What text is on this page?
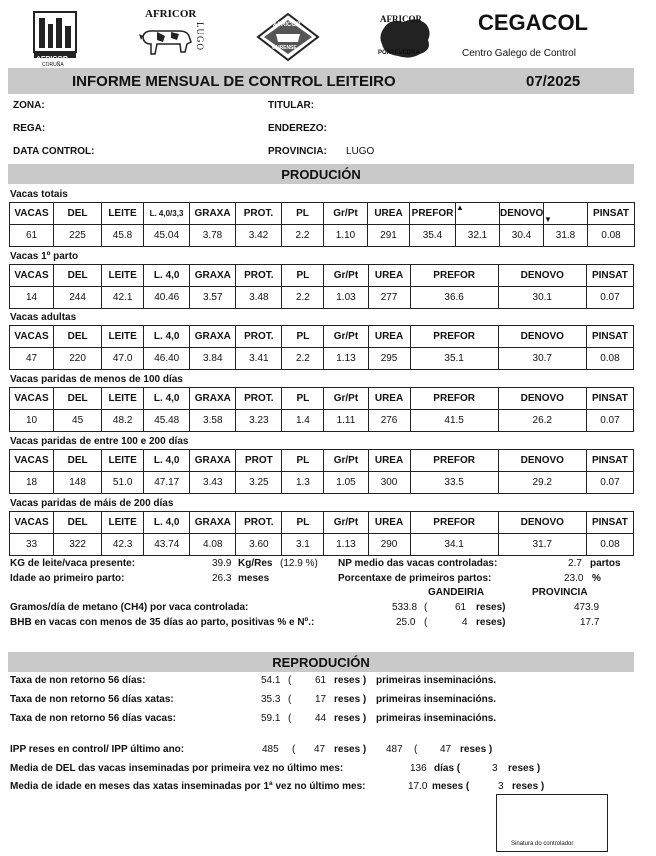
AFRICOR
CORUÑA
AFRICOR
LUGO	AFRICOR
OURENSE
AFRICOR
PONTEVEDRA
CEGACOL
Centro Galego de Control
INFORME MENSUAL DE CONTROL LEITEIRO	07/2025
ZONA:
REGA:
DATA CONTROL:
TITULAR:
ENDEREZO:
PROVINCIA: LUGO
PRODUCIÓN
Vacas totais
VACAS	DEL	LEITE	L. 4,0/3,3	GRAXA	PROT.	PL	Gr/Pt	UREA	PREFOR	▲	DENOVO	▼	PINSAT
61	225	45.8	45.04	3.78	3.42	2.2	1.10	291	35.4	32.1	30.4	31.8	0.08
Vacas 1º parto
VACAS	DEL	LEITE	L. 4,0	GRAXA	PROT.	PL	Gr/Pt	UREA	PREFOR	DENOVO	PINSAT
14	244	42.1	40.46	3.57	3.48	2.2	1.03	277	36.6	30.1	0.07
Vacas adultas
VACAS	DEL	LEITE	L. 4,0	GRAXA	PROT.	PL	Gr/Pt	UREA	PREFOR	DENOVO	PINSAT
47	220	47.0	46.40	3.84	3.41	2.2	1.13	295	35.1	30.7	0.08
Vacas paridas de menos de 100 días
VACAS	DEL	LEITE	L. 4,0	GRAXA	PROT.	PL	Gr/Pt	UREA	PREFOR	DENOVO	PINSAT
10	45	48.2	45.48	3.58	3.23	1.4	1.11	276	41.5	26.2	0.07
Vacas paridas de entre 100 e 200 días
VACAS	DEL	LEITE	L. 4,0	GRAXA	PROT	PL	Gr/Pt	UREA	PREFOR	DENOVO	PINSAT
18	148	51.0	47.17	3.43	3.25	1.3	1.05	300	33.5	29.2	0.07
Vacas paridas de máis de 200 días
VACAS	DEL	LEITE	L. 4,0	GRAXA	PROT.	PL	Gr/Pt	UREA	PREFOR	DENOVO	PINSAT
33	322	42.3	43.74	4.08	3.60	3.1	1.13	290	34.1	31.7	0.08
KG de leite/vaca presente:	39.9 Kg/Res (12.9 %)
Idade ao primeiro parto:	26.3 meses
NP medio das vacas controladas:	2.7 partos
Porcentaxe de primeiros partos:	23.0 %
GANDEIRIA	PROVINCIA
Gramos/día de metano (CH4) por vaca controlada:	533.8 (	61 reses)	473.9
BHB en vacas con menos de 35 días ao parto, positivas % e Nº.:	25.0 (	4 reses)	17.7
REPRODUCIÓN
Taxa de non retorno 56 días:	54.1 ( 61 reses ) primeiras inseminacións.
Taxa de non retorno 56 días xatas:	35.3 ( 17 reses ) primeiras inseminacións.
Taxa de non retorno 56 días vacas:	59.1 ( 44 reses ) primeiras inseminacións.
IPP reses en control/ IPP último ano:	485 ( 47 reses ) 487 ( 47 reses )
Media de DEL das vacas inseminadas por primeira vez no último mes:	136 días (	3 reses )
Media de idade en meses das xatas inseminadas por 1ª vez no último mes:	17.0 meses (	3 reses )
Sinatura do controlador
